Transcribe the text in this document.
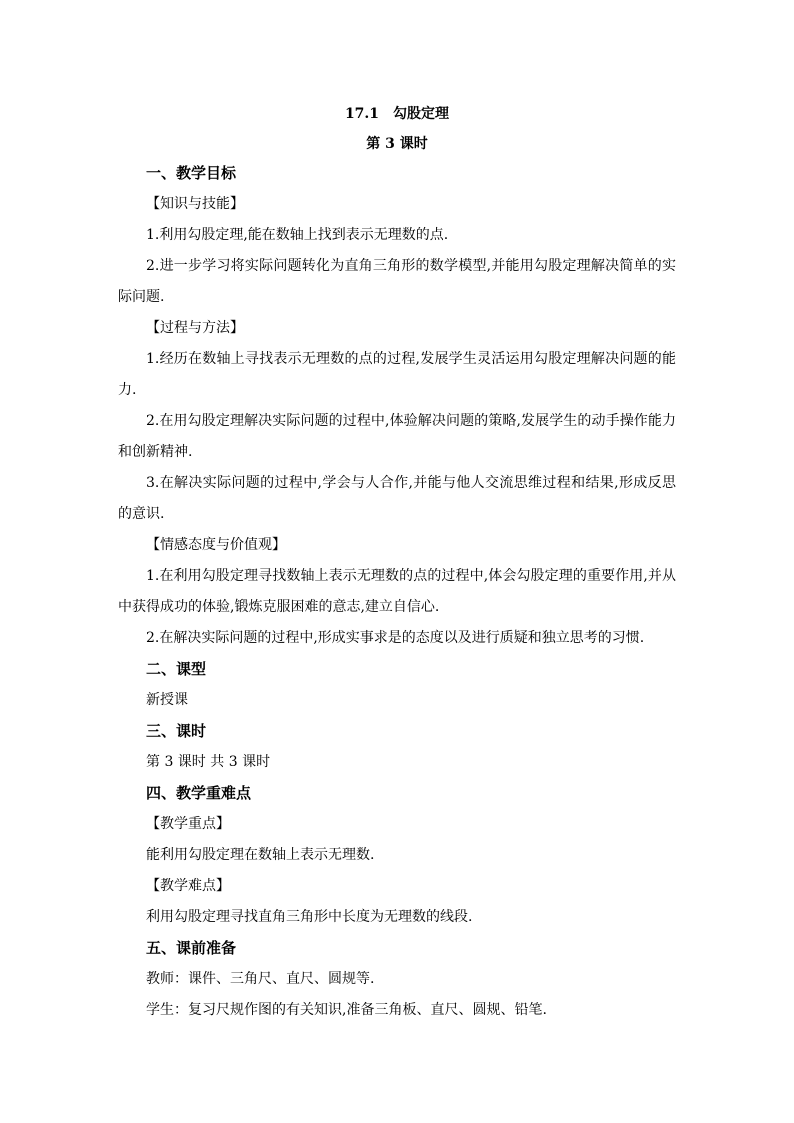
17.1　勾股定理
第 3 课时
一、教学目标
【知识与技能】
1.利用勾股定理,能在数轴上找到表示无理数的点.
2.进一步学习将实际问题转化为直角三角形的数学模型,并能用勾股定理解决简单的实际问题.
【过程与方法】
1.经历在数轴上寻找表示无理数的点的过程,发展学生灵活运用勾股定理解决问题的能力.
2.在用勾股定理解决实际问题的过程中,体验解决问题的策略,发展学生的动手操作能力和创新精神.
3.在解决实际问题的过程中,学会与人合作,并能与他人交流思维过程和结果,形成反思的意识.
【情感态度与价值观】
1.在利用勾股定理寻找数轴上表示无理数的点的过程中,体会勾股定理的重要作用,并从中获得成功的体验,锻炼克服困难的意志,建立自信心.
2.在解决实际问题的过程中,形成实事求是的态度以及进行质疑和独立思考的习惯.
二、课型
新授课
三、课时
第 3 课时 共 3 课时
四、教学重难点
【教学重点】
能利用勾股定理在数轴上表示无理数.
【教学难点】
利用勾股定理寻找直角三角形中长度为无理数的线段.
五、课前准备
教师：课件、三角尺、直尺、圆规等.
学生：复习尺规作图的有关知识,准备三角板、直尺、圆规、铅笔.
